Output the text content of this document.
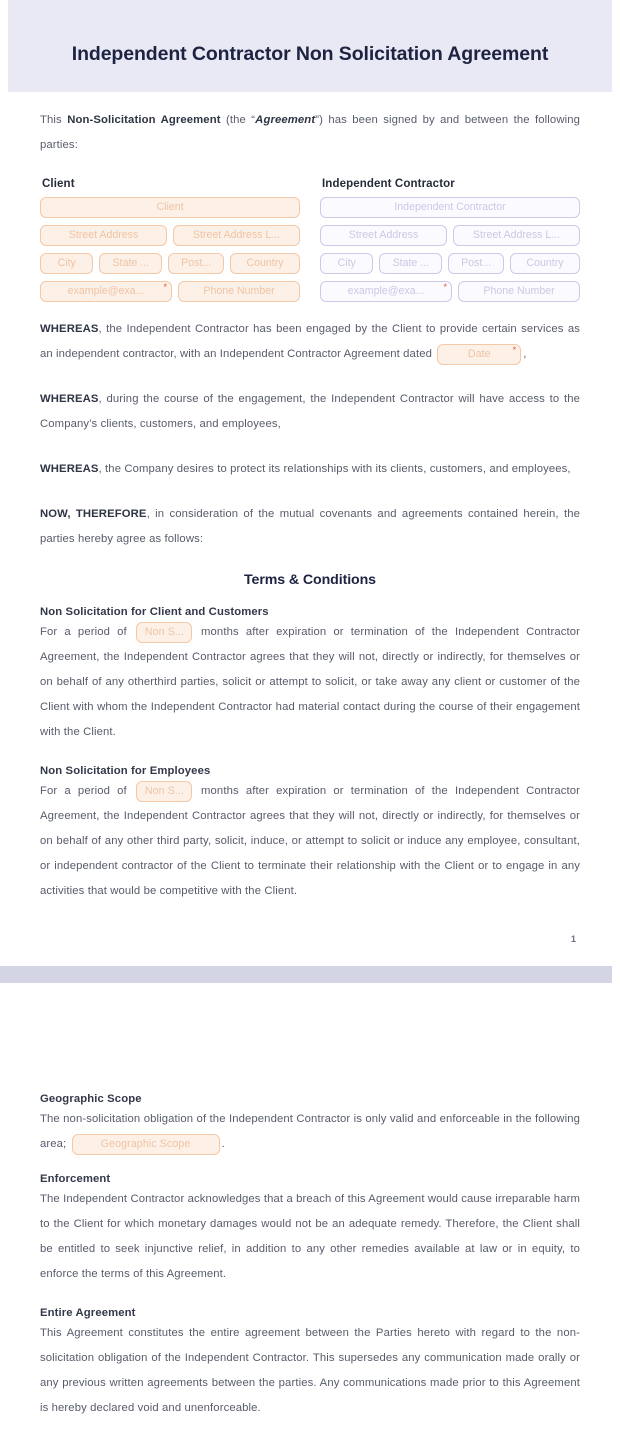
Independent Contractor Non Solicitation Agreement

This Non-Solicitation Agreement (the “Agreement”) has been signed by and between the following parties:

Client
Client
Street Address	Street Address L...
City	State ...	Post...	Country
example@exa... *	Phone Number
Independent Contractor
Independent Contractor
Street Address	Street Address L...
City	State ...	Post...	Country
example@exa... *	Phone Number

WHEREAS, the Independent Contractor has been engaged by the Client to provide certain services as an independent contractor, with an Independent Contractor Agreement dated	Date * ,

WHEREAS, during the course of the engagement, the Independent Contractor will have access to the Company’s clients, customers, and employees,

WHEREAS, the Company desires to protect its relationships with its clients, customers, and employees,

NOW, THEREFORE, in consideration of the mutual covenants and agreements contained herein, the parties hereby agree as follows:

Terms & Conditions
Non Solicitation for Client and Customers

For a period of Non S... months after expiration or termination of the Independent Contractor Agreement, the Independent Contractor agrees that they will not, directly or indirectly, for themselves or on behalf of any otherthird parties, solicit or attempt to solicit, or take away any client or customer of the Client with whom the Independent Contractor had material contact during the course of their engagement with the Client.

Non Solicitation for Employees

For a period of Non S... months after expiration or termination of the Independent Contractor Agreement, the Independent Contractor agrees that they will not, directly or indirectly, for themselves or on behalf of any other third party, solicit, induce, or attempt to solicit or induce any employee, consultant, or independent contractor of the Client to terminate their relationship with the Client or to engage in any activities that would be competitive with the Client.

1
Geographic Scope

The non-solicitation obligation of the Independent Contractor is only valid and enforceable in the following area;	Geographic Scope	.

Enforcement

The Independent Contractor acknowledges that a breach of this Agreement would cause irreparable harm to the Client for which monetary damages would not be an adequate remedy. Therefore, the Client shall be entitled to seek injunctive relief, in addition to any other remedies available at law or in equity, to enforce the terms of this Agreement.

Entire Agreement

This Agreement constitutes the entire agreement between the Parties hereto with regard to the non-solicitation obligation of the Independent Contractor. This supersedes any communication made orally or any previous written agreements between the parties. Any communications made prior to this Agreement is hereby declared void and unenforceable.
